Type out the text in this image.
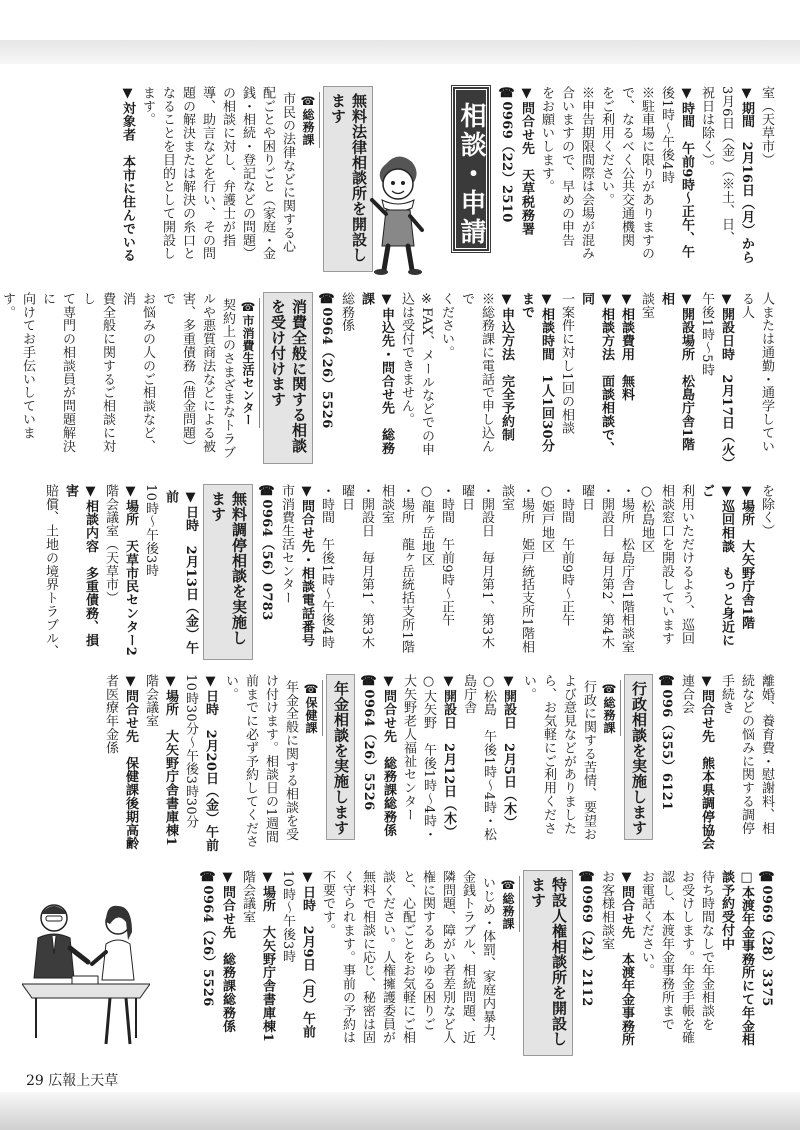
室（天草市）

▼期間　2月16日（月）から

3月6日（金）（※土、日、

祝日は除く）。

▼時間　午前9時〜正午、午

後1時〜午後4時

※駐車場に限りがありますの

で、なるべく公共交通機関

をご利用ください。

※申告期限間際は会場が混み

合いますので、早めの申告

をお願いします。

▼問合せ先　天草税務署

☎0969（22）2510

相談・申請

無料法律相談所を開設します

☎総務課

市民の法律などに関する心

配ごとや困りごと（家庭・金

銭・相続・登記などの問題）

の相談に対し、弁護士が指

導、助言などを行い、その問

題の解決または解決の糸口と

なることを目的として開設し

ます。

▼対象者　本市に住んでいる

人または通勤・通学してい

る人

▼開設日時　2月17日（火）

午後1時〜5時

▼開設場所　松島庁舎1階相

談室

▼相談費用　無料

▼相談方法　面談相談で、同

一案件に対し1回の相談

▼相談時間　1人1回30分まで

▼申込方法　完全予約制

※総務課に電話で申し込んで

ください。

※FAX、メールなどでの申

込は受付できません。

▼申込先・問合せ先　総務課

総務係

☎0964（26）5526

消費全般に関する相談を受け付けます

☎市消費生活センター

契約上のさまざまなトラブ

ルや悪質商法などによる被

害、多重債務（借金問題）で

お悩みの人のご相談など、消

費全般に関するご相談に対し

て専門の相談員が問題解決に

向けてお手伝いしています。

を除く）

▼場所　大矢野庁舎1階

▼巡回相談　もっと身近にご

利用いただけるよう、巡回

相談窓口を開設しています

○松島地区

・場所　松島庁舎1階相談室

・開設日　毎月第2、第4木

曜日

・時間　午前9時〜正午

○姫戸地区

・場所　姫戸統括支所1階相

談室

・開設日　毎月第1、第3木

曜日

・時間　午前9時〜正午

○龍ヶ岳地区

・場所　龍ヶ岳統括支所1階

相談室

・開設日　毎月第1、第3木

曜日

・時間　午後1時〜午後4時

▼問合せ先・相談電話番号

市消費生活センター

☎0964（56）0783

無料調停相談を実施します

▼日時　2月13日（金）午前

10時〜午後3時

▼場所　天草市民センター2

階会議室（天草市）

▼相談内容　多重債務、損害

賠償、土地の境界トラブル、

離婚、養育費・慰謝料、相

続などの悩みに関する調停

手続き

▼問合せ先　熊本県調停協会

連合会

☎096（355）6121

行政相談を実施します

☎総務課

行政に関する苦情、要望お

よび意見などがありました

ら、お気軽にご利用ください。

▼開設日　2月5日（木）

○松島　午後1時〜4時・松

島庁舎

▼開設日　2月12日（木）

○大矢野　午後1時〜4時・

大矢野老人福祉センター

▼問合せ先　総務課総務係

☎0964（26）5526

年金相談を実施します

☎保健課

年金全般に関する相談を受

け付けます。相談日の1週間

前までに必ず予約してくださ

い。

▼日時　2月20日（金）午前

10時30分〜午後3時30分

▼場所　大矢野庁舎書庫棟1

階会議室

▼問合せ先　保健課後期高齢

者医療年金係

☎0969（28）3375

□本渡年金事務所にて年金相

談予約受付中

待ち時間なしで年金相談を

お受けします。年金手帳を確

認し、本渡年金事務所まで

お電話ください。

▼問合せ先　本渡年金事務所

お客様相談室

☎0969（24）2112

特設人権相談所を開設します

☎総務課

いじめ・体罰、家庭内暴力、

金銭トラブル、相続問題、近

隣問題、障がい者差別など人

権に関するあらゆる困りご

と、心配ごとをお気軽にご相

談ください。人権擁護委員が

無料で相談に応じ、秘密は固

く守られます。事前の予約は

不要です。

▼日時　2月9日（月）午前

10時〜午後3時

▼場所　大矢野庁舎書庫棟1

階会議室

▼問合せ先　総務課総務係

☎0964（26）5526

29 広報上天草
